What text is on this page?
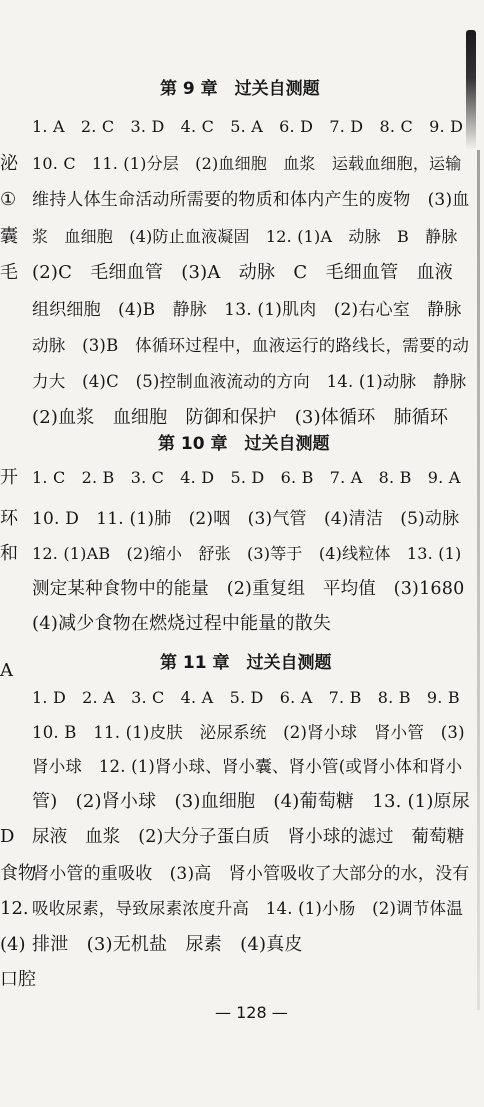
泌
①
囊
毛
开
环
和
A
D
食物
12.
(4)
口腔
第 9 章　过关自测题
1. A　2. C　3. D　4. C　5. A　6. D　7. D　8. C　9. D
10. C　11. (1)分层　(2)血细胞　血浆　运载血细胞，运输
维持人体生命活动所需要的物质和体内产生的废物　(3)血
浆　血细胞　(4)防止血液凝固　12. (1)A　动脉　B　静脉
(2)C　毛细血管　(3)A　动脉　C　毛细血管　血液
组织细胞　(4)B　静脉　13. (1)肌肉　(2)右心室　静脉
动脉　(3)B　体循环过程中，血液运行的路线长，需要的动
力大　(4)C　(5)控制血液流动的方向　14. (1)动脉　静脉
(2)血浆　血细胞　防御和保护　(3)体循环　肺循环
第 10 章　过关自测题
1. C　2. B　3. C　4. D　5. D　6. B　7. A　8. B　9. A
10. D　11. (1)肺　(2)咽　(3)气管　(4)清洁　(5)动脉
12. (1)AB　(2)缩小　舒张　(3)等于　(4)线粒体　13. (1)
测定某种食物中的能量　(2)重复组　平均值　(3)1680
(4)减少食物在燃烧过程中能量的散失
第 11 章　过关自测题
1. D　2. A　3. C　4. A　5. D　6. A　7. B　8. B　9. B
10. B　11. (1)皮肤　泌尿系统　(2)肾小球　肾小管　(3)
肾小球　12. (1)肾小球、肾小囊、肾小管(或肾小体和肾小
管)　(2)肾小球　(3)血细胞　(4)葡萄糖　13. (1)原尿
尿液　血浆　(2)大分子蛋白质　肾小球的滤过　葡萄糖
肾小管的重吸收　(3)高　肾小管吸收了大部分的水，没有
吸收尿素，导致尿素浓度升高　14. (1)小肠　(2)调节体温
排泄　(3)无机盐　尿素　(4)真皮
— 128 —
